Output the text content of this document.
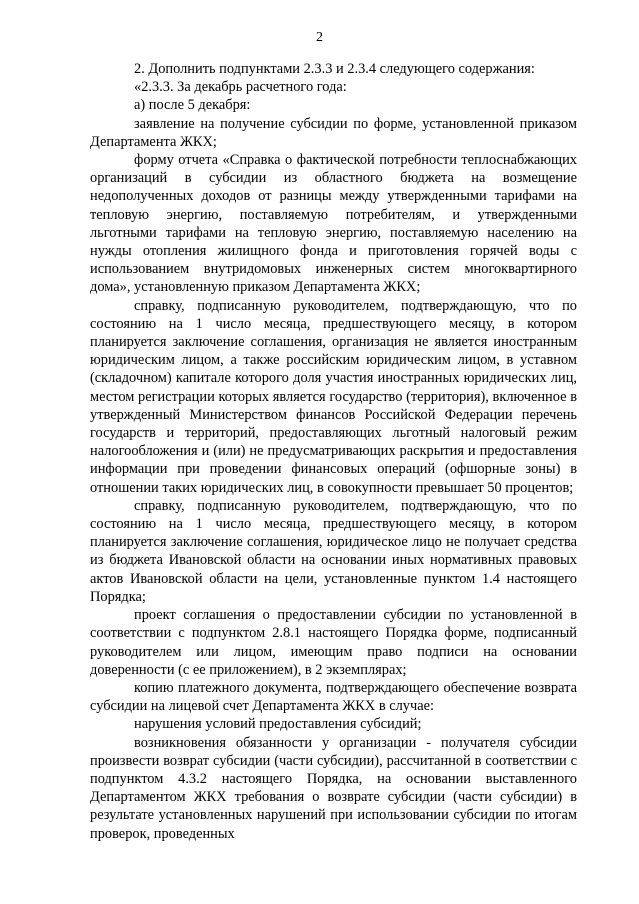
2

2. Дополнить подпунктами 2.3.3 и 2.3.4 следующего содержания:

«2.3.3. За декабрь расчетного года:

а) после 5 декабря:

заявление на получение субсидии по форме, установленной приказом Департамента ЖКХ;

форму отчета «Справка о фактической потребности теплоснабжающих организаций в субсидии из областного бюджета на возмещение недополученных доходов от разницы между утвержденными тарифами на тепловую энергию, поставляемую потребителям, и утвержденными льготными тарифами на тепловую энергию, поставляемую населению на нужды отопления жилищного фонда и приготовления горячей воды с использованием внутридомовых инженерных систем многоквартирного дома», установленную приказом Департамента ЖКХ;

справку, подписанную руководителем, подтверждающую, что по состоянию на 1 число месяца, предшествующего месяцу, в котором планируется заключение соглашения, организация не является иностранным юридическим лицом, а также российским юридическим лицом, в уставном (складочном) капитале которого доля участия иностранных юридических лиц, местом регистрации которых является государство (территория), включенное в утвержденный Министерством финансов Российской Федерации перечень государств и территорий, предоставляющих льготный налоговый режим налогообложения и (или) не предусматривающих раскрытия и предоставления информации при проведении финансовых операций (офшорные зоны) в отношении таких юридических лиц, в совокупности превышает 50 процентов;

справку, подписанную руководителем, подтверждающую, что по состоянию на 1 число месяца, предшествующего месяцу, в котором планируется заключение соглашения, юридическое лицо не получает средства из бюджета Ивановской области на основании иных нормативных правовых актов Ивановской области на цели, установленные пунктом 1.4 настоящего Порядка;

проект соглашения о предоставлении субсидии по установленной в соответствии с подпунктом 2.8.1 настоящего Порядка форме, подписанный руководителем или лицом, имеющим право подписи на основании доверенности (с ее приложением), в 2 экземплярах;

копию платежного документа, подтверждающего обеспечение возврата субсидии на лицевой счет Департамента ЖКХ в случае:

нарушения условий предоставления субсидий;

возникновения обязанности у организации - получателя субсидии произвести возврат субсидии (части субсидии), рассчитанной в соответствии с подпунктом 4.3.2 настоящего Порядка, на основании выставленного Департаментом ЖКХ требования о возврате субсидии (части субсидии) в результате установленных нарушений при использовании субсидии по итогам проверок, проведенных
